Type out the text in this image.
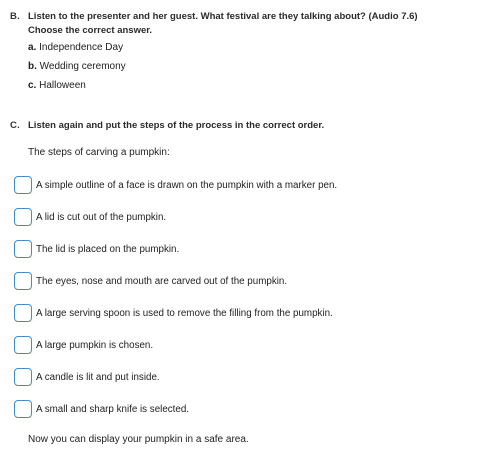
B. Listen to the presenter and her guest. What festival are they talking about? (Audio 7.6)
Choose the correct answer.
a. Independence Day
b. Wedding ceremony
c. Halloween
C. Listen again and put the steps of the process in the correct order.
The steps of carving a pumpkin:
A simple outline of a face is drawn on the pumpkin with a marker pen.
A lid is cut out of the pumpkin.
The lid is placed on the pumpkin.
The eyes, nose and mouth are carved out of the pumpkin.
A large serving spoon is used to remove the filling from the pumpkin.
A large pumpkin is chosen.
A candle is lit and put inside.
A small and sharp knife is selected.
Now you can display your pumpkin in a safe area.
